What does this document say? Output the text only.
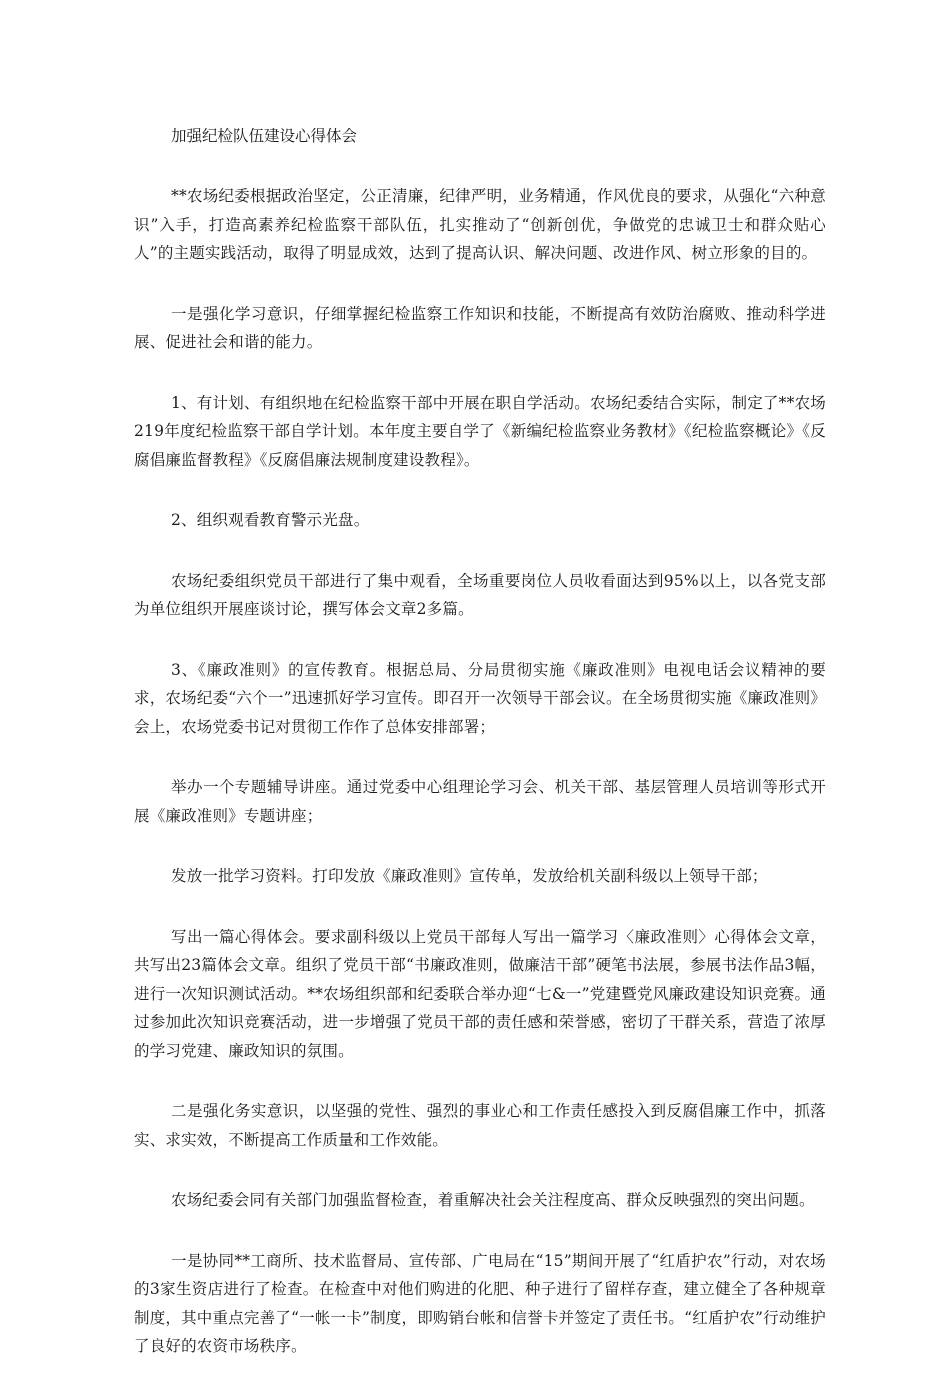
加强纪检队伍建设心得体会

**农场纪委根据政治坚定，公正清廉，纪律严明，业务精通，作风优良的要求，从强化“六种意识”入手，打造高素养纪检监察干部队伍，扎实推动了“创新创优，争做党的忠诚卫士和群众贴心人”的主题实践活动，取得了明显成效，达到了提高认识、解决问题、改进作风、树立形象的目的。

一是强化学习意识，仔细掌握纪检监察工作知识和技能，不断提高有效防治腐败、推动科学进展、促进社会和谐的能力。

1、有计划、有组织地在纪检监察干部中开展在职自学活动。农场纪委结合实际，制定了**农场219年度纪检监察干部自学计划。本年度主要自学了《新编纪检监察业务教材》《纪检监察概论》《反腐倡廉监督教程》《反腐倡廉法规制度建设教程》。

2、组织观看教育警示光盘。

农场纪委组织党员干部进行了集中观看，全场重要岗位人员收看面达到95%以上，以各党支部为单位组织开展座谈讨论，撰写体会文章2多篇。

3、《廉政准则》的宣传教育。根据总局、分局贯彻实施《廉政准则》电视电话会议精神的要求，农场纪委“六个一”迅速抓好学习宣传。即召开一次领导干部会议。在全场贯彻实施《廉政准则》会上，农场党委书记对贯彻工作作了总体安排部署；

举办一个专题辅导讲座。通过党委中心组理论学习会、机关干部、基层管理人员培训等形式开展《廉政准则》专题讲座；

发放一批学习资料。打印发放《廉政准则》宣传单，发放给机关副科级以上领导干部；

写出一篇心得体会。要求副科级以上党员干部每人写出一篇学习〈廉政准则〉心得体会文章，共写出23篇体会文章。组织了党员干部“书廉政准则，做廉洁干部”硬笔书法展，参展书法作品3幅，进行一次知识测试活动。**农场组织部和纪委联合举办迎“七&一”党建暨党风廉政建设知识竞赛。通过参加此次知识竞赛活动，进一步增强了党员干部的责任感和荣誉感，密切了干群关系，营造了浓厚的学习党建、廉政知识的氛围。

二是强化务实意识，以坚强的党性、强烈的事业心和工作责任感投入到反腐倡廉工作中，抓落实、求实效，不断提高工作质量和工作效能。

农场纪委会同有关部门加强监督检查，着重解决社会关注程度高、群众反映强烈的突出问题。

一是协同**工商所、技术监督局、宣传部、广电局在“15”期间开展了“红盾护农”行动，对农场的3家生资店进行了检查。在检查中对他们购进的化肥、种子进行了留样存查，建立健全了各种规章制度，其中重点完善了“一帐一卡”制度，即购销台帐和信誉卡并签定了责任书。“红盾护农”行动维护了良好的农资市场秩序。
